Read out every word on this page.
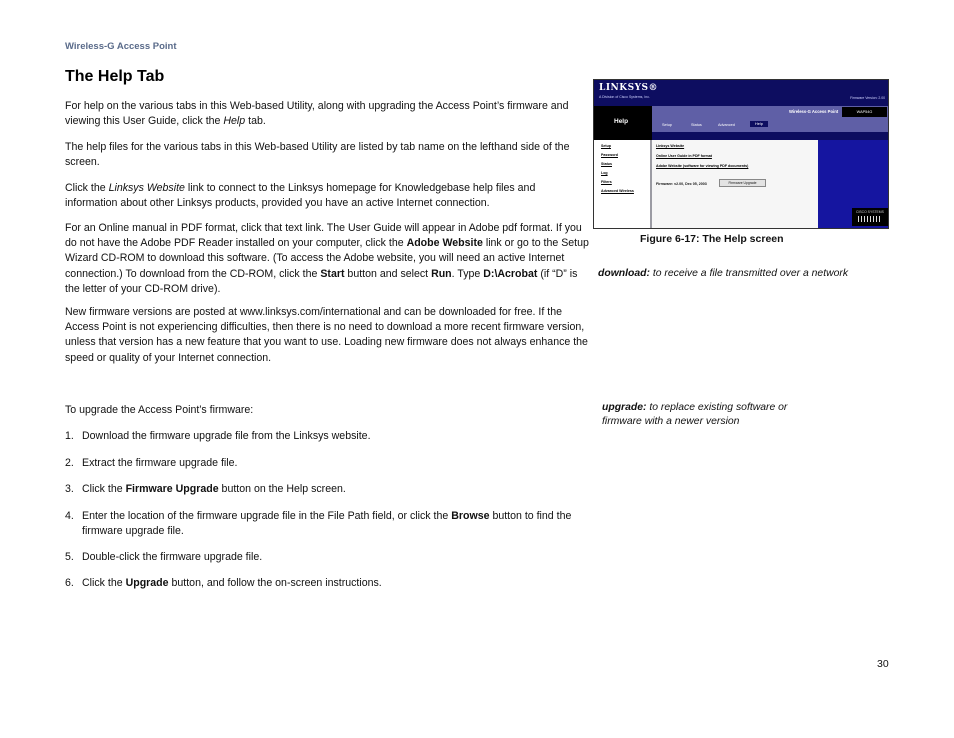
Wireless-G Access Point
The Help Tab
For help on the various tabs in this Web-based Utility, along with upgrading the Access Point’s firmware and viewing this User Guide, click the Help tab.
The help files for the various tabs in this Web-based Utility are listed by tab name on the lefthand side of the screen.
Click the Linksys Website link to connect to the Linksys homepage for Knowledgebase help files and information about other Linksys products, provided you have an active Internet connection.
For an Online manual in PDF format, click that text link. The User Guide will appear in Adobe pdf format. If you do not have the Adobe PDF Reader installed on your computer, click the Adobe Website link or go to the Setup Wizard CD-ROM to download this software. (To access the Adobe website, you will need an active Internet connection.) To download from the CD-ROM, click the Start button and select Run. Type D:\Acrobat (if “D” is the letter of your CD-ROM drive).
New firmware versions are posted at www.linksys.com/international and can be downloaded for free. If the Access Point is not experiencing difficulties, then there is no need to download a more recent firmware version, unless that version has a new feature that you want to use. Loading new firmware does not always enhance the speed or quality of your Internet connection.
To upgrade the Access Point’s firmware:
1. Download the firmware upgrade file from the Linksys website.
2. Extract the firmware upgrade file.
3. Click the Firmware Upgrade button on the Help screen.
4. Enter the location of the firmware upgrade file in the File Path field, or click the Browse button to find the firmware upgrade file.
5. Double-click the firmware upgrade file.
6. Click the Upgrade button, and follow the on-screen instructions.
LINKSYS®
A Division of Cisco Systems, Inc.	Firmware Version: 2.00
Help
Wireless-G Access Point	WAP54G
Setup	Status	Advanced	Help
Setup
Password
Status
Log
Filters
Advanced Wireless
Linksys Website
Online User Guide in PDF format
Adobe Website (software for viewing PDF documents)
Firmware: v2.00, Dec 05, 2003	Firmware Upgrade
CISCO SYSTEMS
Figure 6-17: The Help screen
download: to receive a file transmitted over a network
upgrade: to replace existing software or firmware with a newer version
30
